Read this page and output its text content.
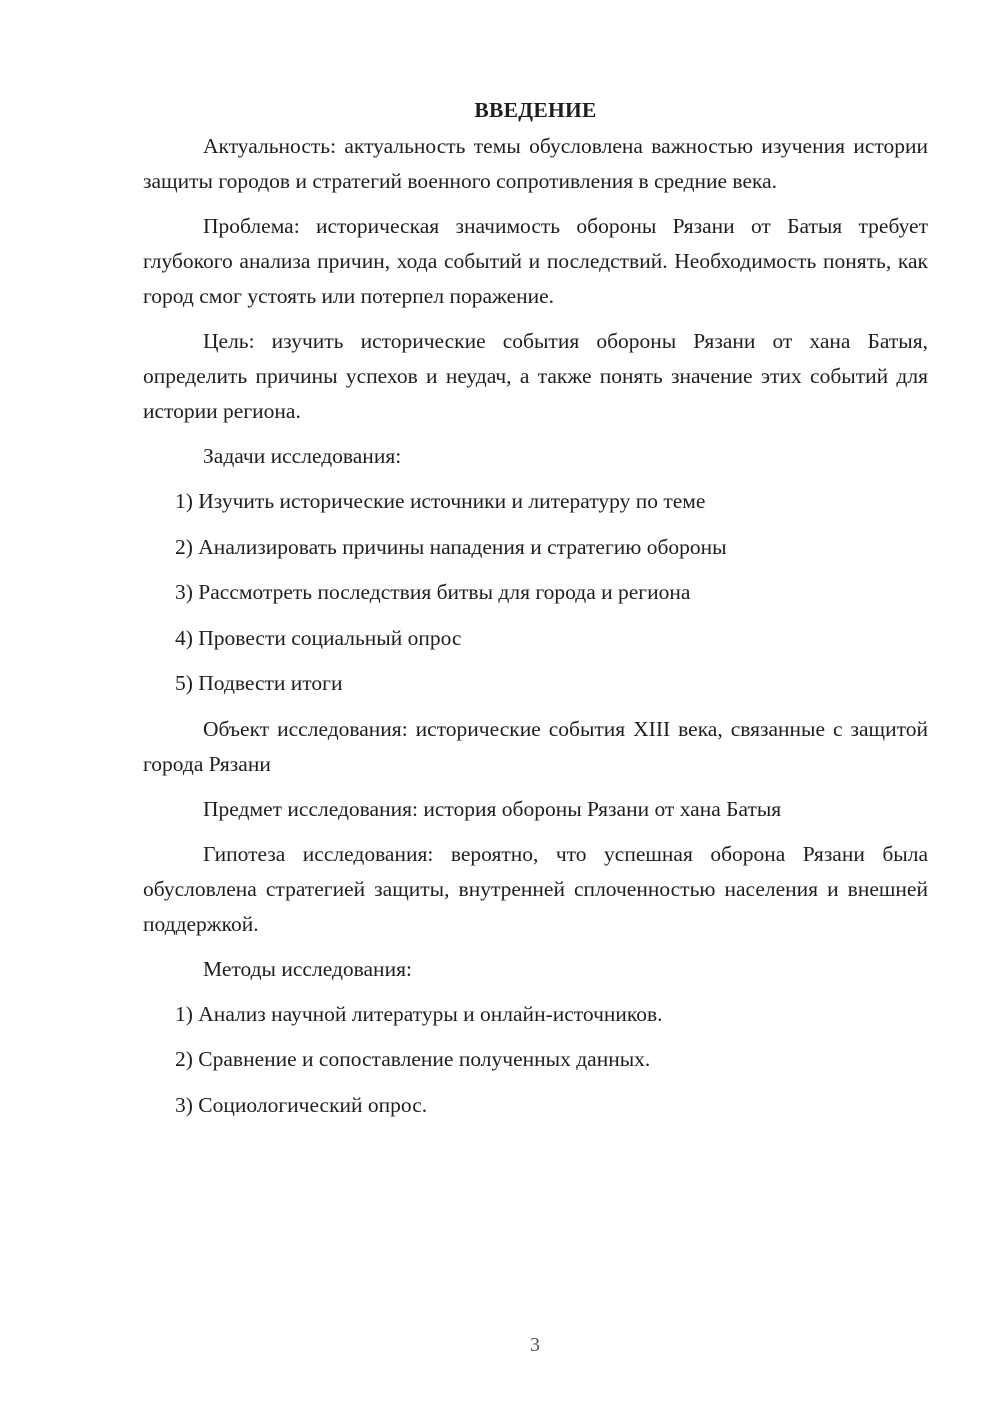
ВВЕДЕНИЕ

Актуальность: актуальность темы обусловлена важностью изучения истории защиты городов и стратегий военного сопротивления в средние века.

Проблема: историческая значимость обороны Рязани от Батыя требует глубокого анализа причин, хода событий и последствий. Необходимость понять, как город смог устоять или потерпел поражение.

Цель: изучить исторические события обороны Рязани от хана Батыя, определить причины успехов и неудач, а также понять значение этих событий для истории региона.

Задачи исследования:

1) Изучить исторические источники и литературу по теме
2) Анализировать причины нападения и стратегию обороны
3) Рассмотреть последствия битвы для города и региона
4) Провести социальный опрос
5) Подвести итоги

Объект исследования: исторические события XIII века, связанные с защитой города Рязани

Предмет исследования: история обороны Рязани от хана Батыя

Гипотеза исследования: вероятно, что успешная оборона Рязани была обусловлена стратегией защиты, внутренней сплоченностью населения и внешней поддержкой.

Методы исследования:

1) Анализ научной литературы и онлайн-источников.
2) Сравнение и сопоставление полученных данных.
3) Социологический опрос.
3
